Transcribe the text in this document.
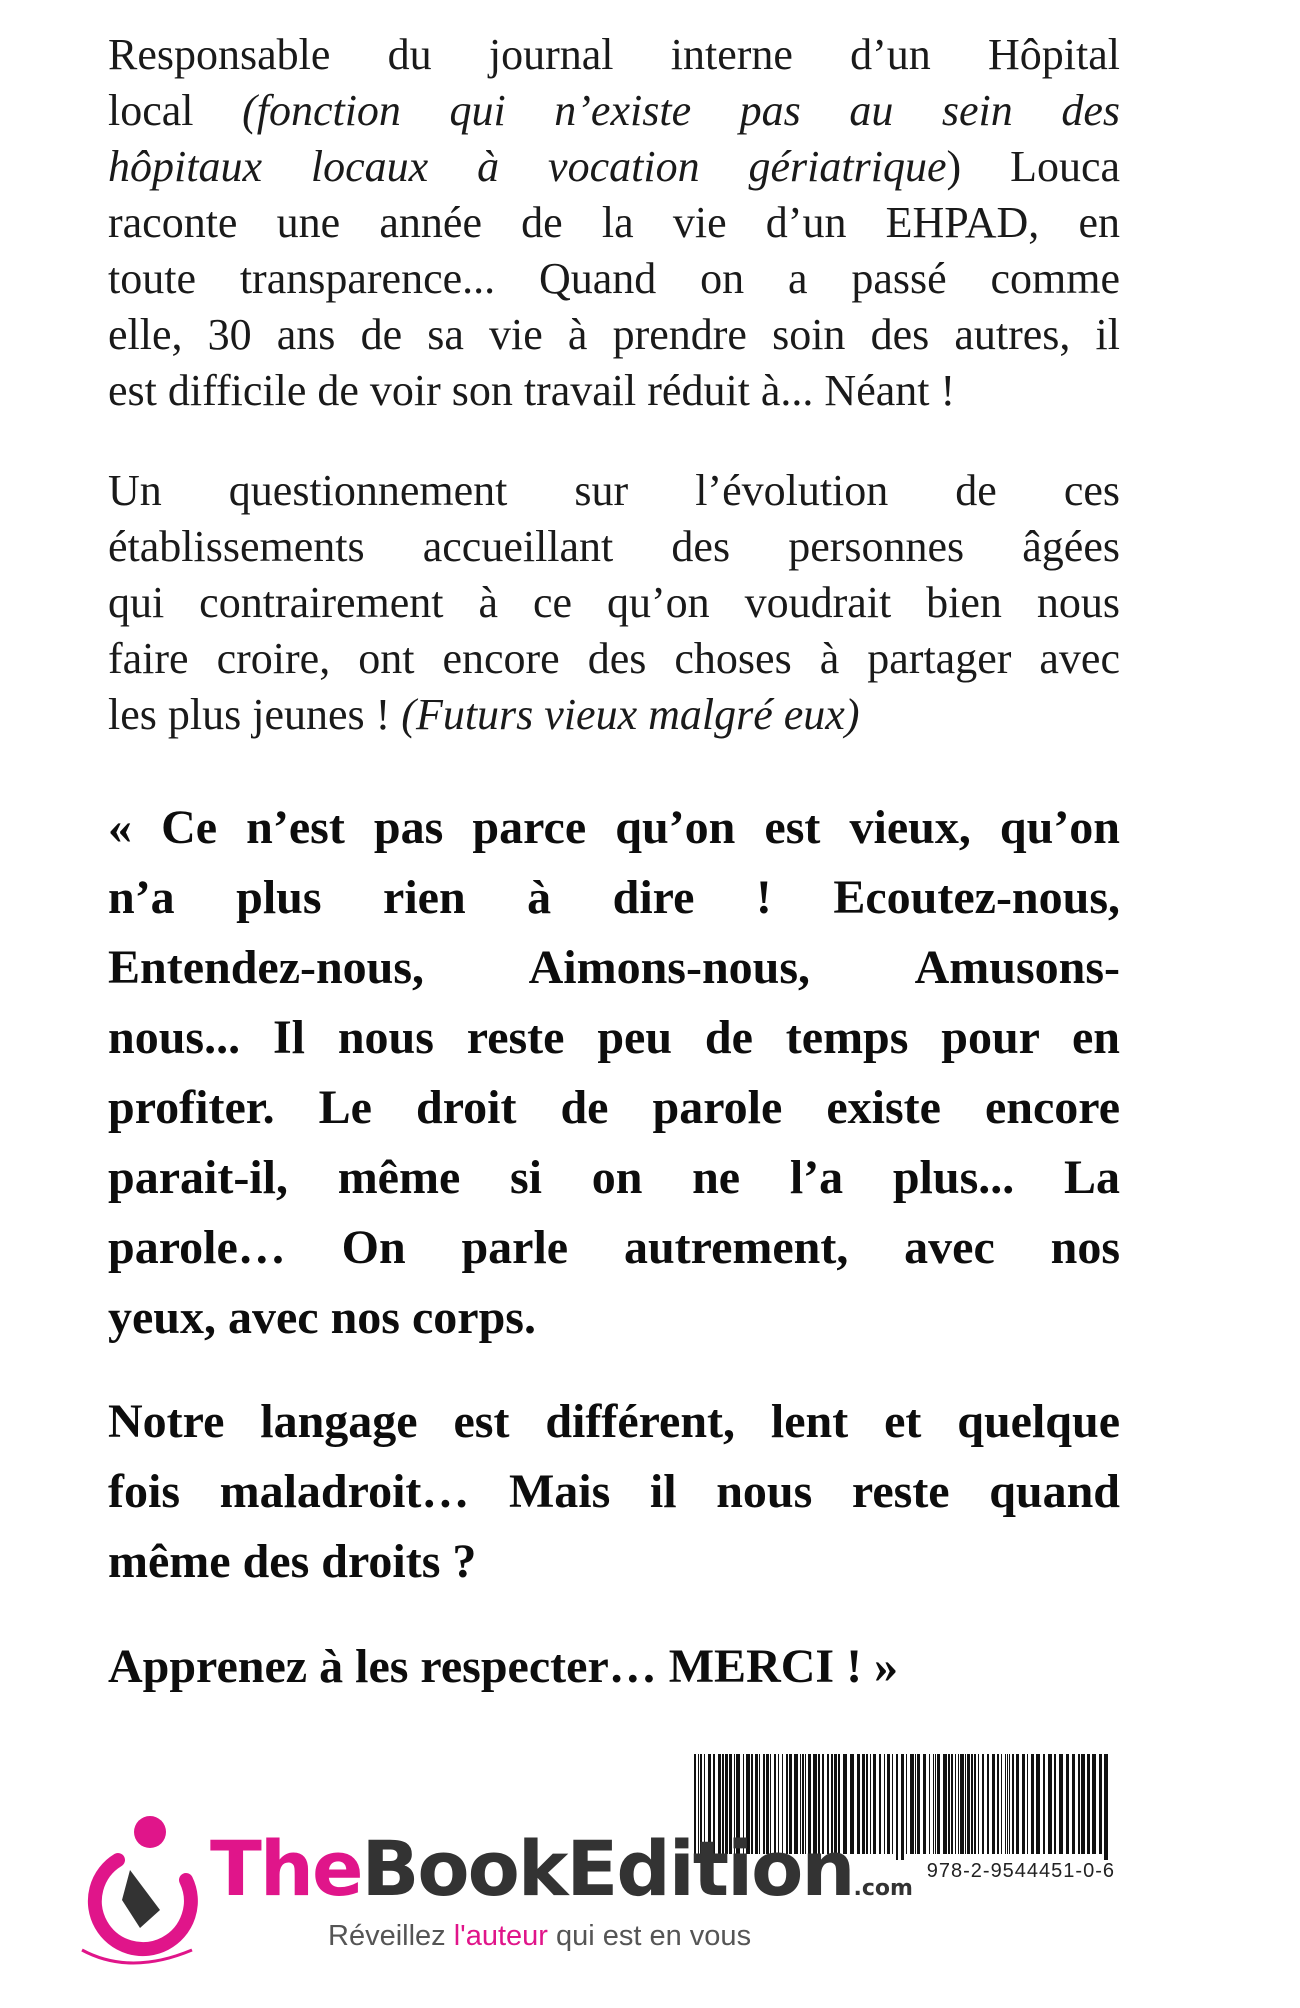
Responsable du journal interne d’un Hôpital
local (fonction qui n’existe pas au sein des
hôpitaux locaux à vocation gériatrique) Louca
raconte une année de la vie d’un EHPAD, en
toute transparence... Quand on a passé comme
elle, 30 ans de sa vie à prendre soin des autres, il
est difficile de voir son travail réduit à... Néant !
Un questionnement sur l’évolution de ces
établissements accueillant des personnes âgées
qui contrairement à ce qu’on voudrait bien nous
faire croire, ont encore des choses à partager avec
les plus jeunes ! (Futurs vieux malgré eux)
« Ce n’est pas parce qu’on est vieux, qu’on
n’a plus rien à dire ! Ecoutez-nous,
Entendez-nous, Aimons-nous, Amusons-
nous... Il nous reste peu de temps pour en
profiter. Le droit de parole existe encore
parait-il, même si on ne l’a plus... La
parole… On parle autrement, avec nos
yeux, avec nos corps.
Notre langage est différent, lent et quelque
fois maladroit… Mais il nous reste quand
même des droits ?
Apprenez à les respecter… MERCI ! »
978-2-9544451-0-6
TheBookEdition.com
Réveillez l'auteur qui est en vous
